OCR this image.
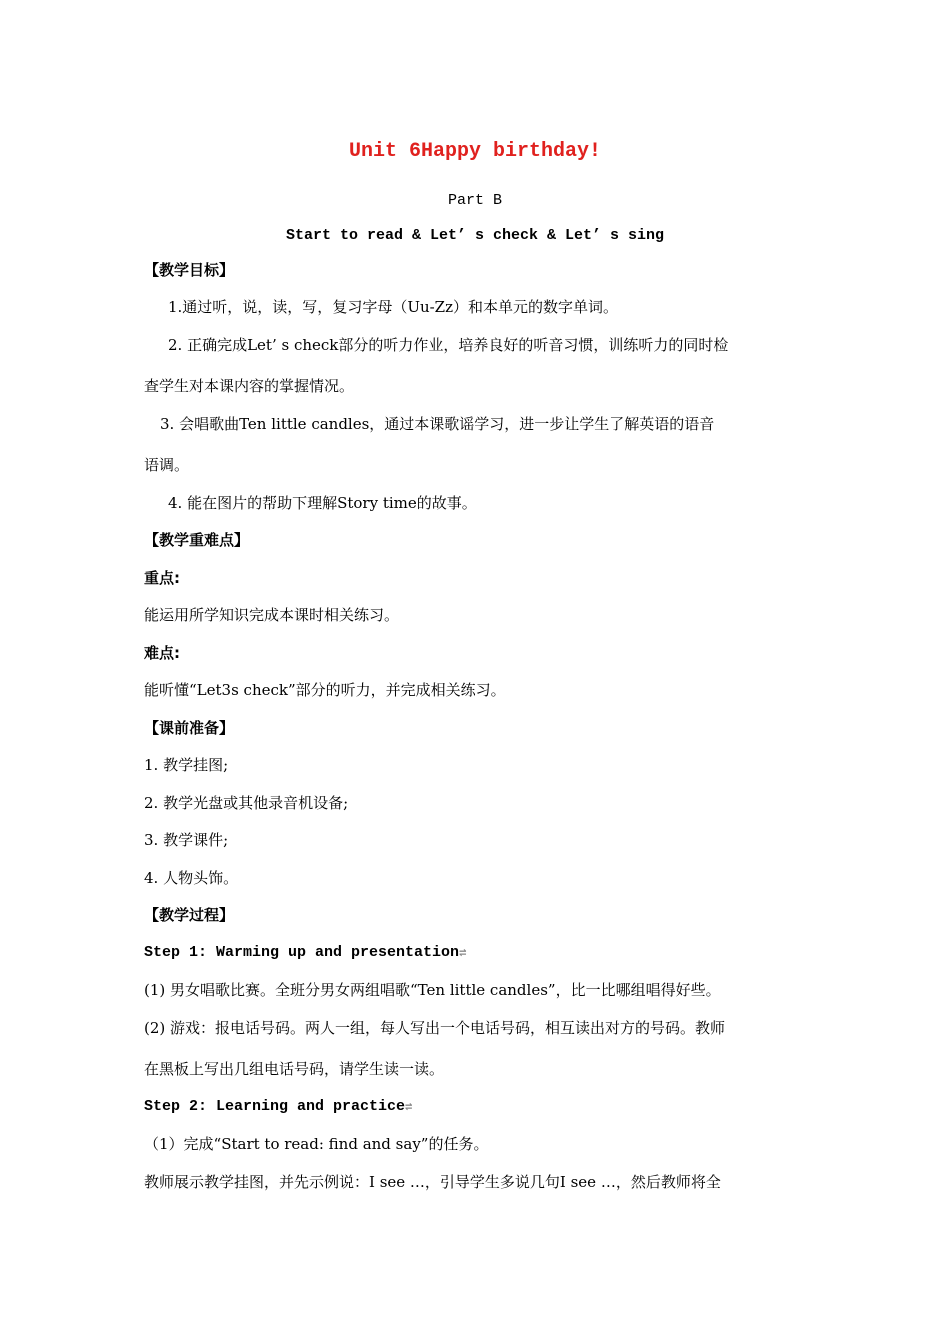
Unit 6Happy birthday!
Part B
Start to read & Let’ s check & Let’ s sing
【教学目标】
1.通过听，说，读，写，复习字母（Uu-Zz）和本单元的数字单词。
2. 正确完成Let’ s check部分的听力作业，培养良好的听音习惯，训练听力的同时检
查学生对本课内容的掌握情况。
3. 会唱歌曲Ten little candles，通过本课歌谣学习，进一步让学生了解英语的语音
语调。
4. 能在图片的帮助下理解Story time的故事。
【教学重难点】
重点:
能运用所学知识完成本课时相关练习。
难点:
能听懂“Let3s check”部分的听力，并完成相关练习。
【课前准备】
1. 教学挂图;
2. 教学光盘或其他录音机设备;
3. 教学课件;
4. 人物头饰。
【教学过程】
Step 1: Warming up and presentation⇌
(1) 男女唱歌比赛。全班分男女两组唱歌“Ten little candles”，比一比哪组唱得好些。
(2) 游戏：报电话号码。两人一组，每人写出一个电话号码，相互读出对方的号码。教师
在黑板上写出几组电话号码，请学生读一读。
Step 2: Learning and practice⇌
（1）完成“Start to read: find and say”的任务。
教师展示教学挂图，并先示例说：I see …，引导学生多说几句I see …，然后教师将全
